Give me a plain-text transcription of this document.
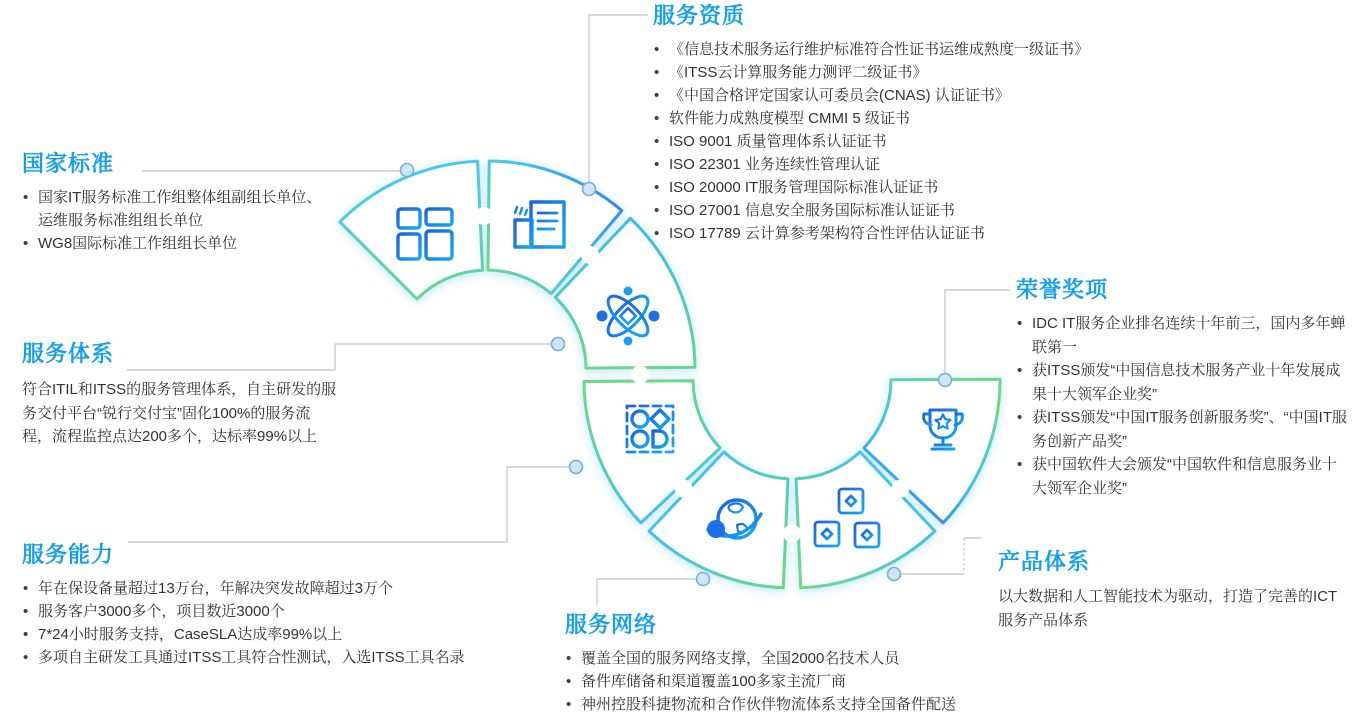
国家标准
• 国家IT服务标准工作组整体组副组长单位、运维服务标准组组长单位
• WG8国际标准工作组组长单位
服务资质
• 《信息技术服务运行维护标准符合性证书运维成熟度一级证书》
• 《ITSS云计算服务能力测评二级证书》
• 《中国合格评定国家认可委员会(CNAS) 认证证书》
• 软件能力成熟度模型 CMMI 5 级证书
• ISO 9001 质量管理体系认证证书
• ISO 22301 业务连续性管理认证
• ISO 20000 IT服务管理国际标准认证证书
• ISO 27001 信息安全服务国际标准认证证书
• ISO 17789 云计算参考架构符合性评估认证证书
服务体系

符合ITIL和ITSS的服务管理体系，自主研发的服务交付平台“锐行交付宝”固化100%的服务流程，流程监控点达200多个，达标率99%以上

服务能力
• 年在保设备量超过13万台，年解决突发故障超过3万个
• 服务客户3000多个，项目数近3000个
• 7*24小时服务支持，CaseSLA达成率99%以上
• 多项自主研发工具通过ITSS工具符合性测试，入选ITSS工具名录
服务网络
• 覆盖全国的服务网络支撑，全国2000名技术人员
• 备件库储备和渠道覆盖100多家主流厂商
• 神州控股科捷物流和合作伙伴物流体系支持全国备件配送
荣誉奖项
• IDC IT服务企业排名连续十年前三，国内多年蝉联第一
• 获ITSS颁发“中国信息技术服务产业十年发展成果十大领军企业奖”
• 获ITSS颁发“中国IT服务创新服务奖”、“中国IT服务创新产品奖”
• 获中国软件大会颁发“中国软件和信息服务业十大领军企业奖”
产品体系

以大数据和人工智能技术为驱动，打造了完善的ICT服务产品体系
